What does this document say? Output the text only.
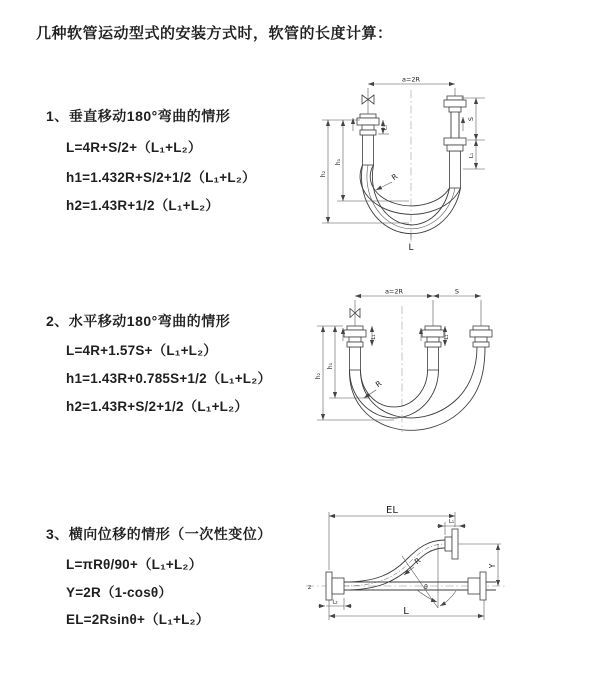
几种软管运动型式的安装方式时，软管的长度计算：
1、垂直移动180°弯曲的情形
L=4R+S/2+（L₁+L₂）
h1=1.432R+S/2+1/2（L₁+L₂）
h2=1.43R+1/2（L₁+L₂）
a=2R
h₂
h₁
L₁
S
L₁
R
L
2、水平移动180°弯曲的情形
L=4R+1.57S+（L₁+L₂）
h1=1.43R+0.785S+1/2（L₁+L₂）
h2=1.43R+S/2+1/2（L₁+L₂）
a=2R	S
h₂
h₁
L₁	L₁
R
3、横向位移的情形（一次性变位）
L=πRθ/90+（L₁+L₂）
Y=2R（1-cosθ）
EL=2Rsinθ+（L₁+L₂）
EL
L₁
Y
L
L₂
R
θ
z
